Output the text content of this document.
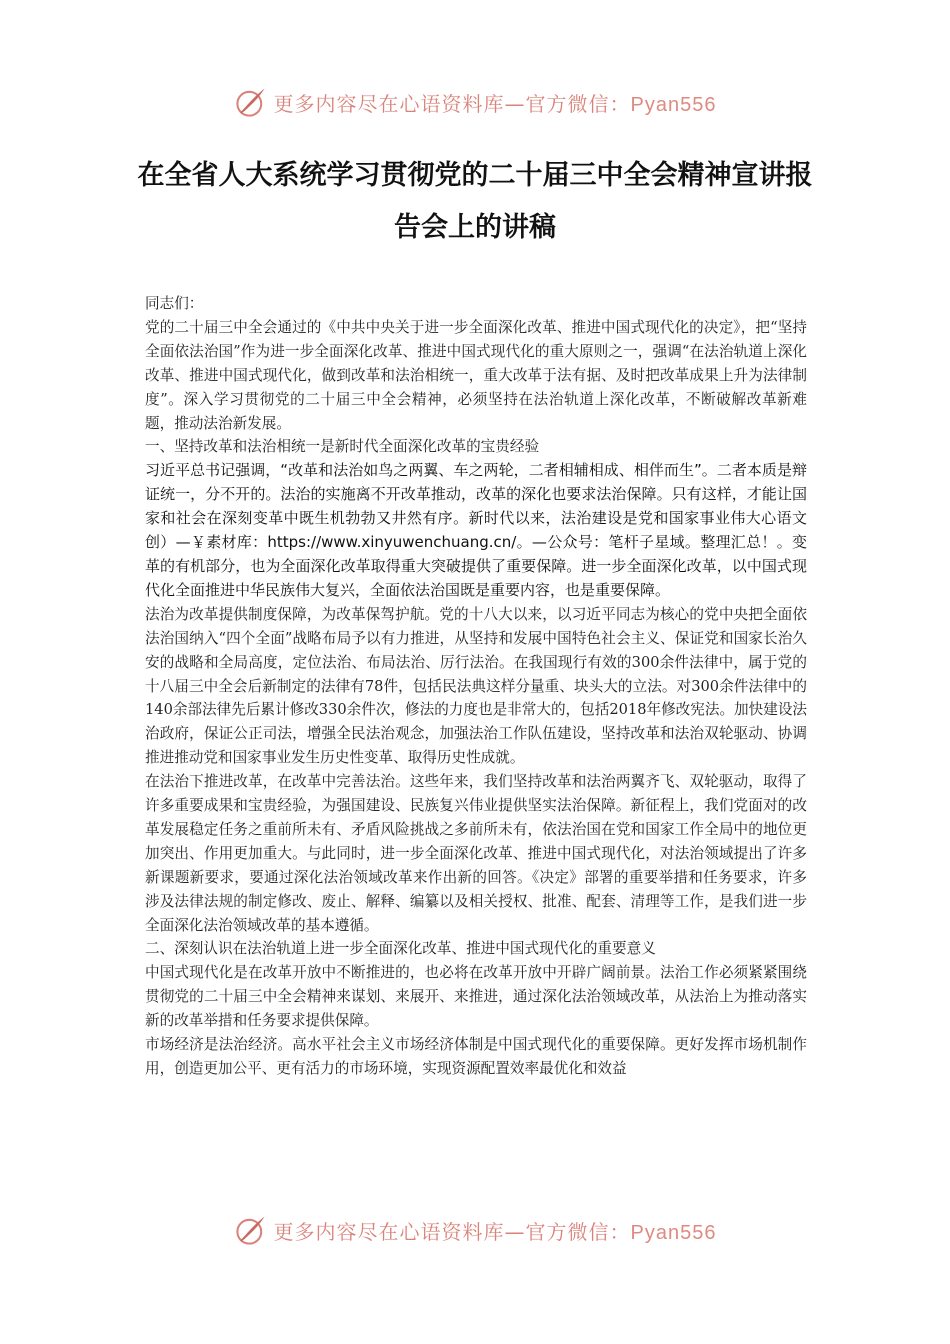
更多内容尽在心语资料库—官方微信：Pyan556
在全省人大系统学习贯彻党的二十届三中全会精神宣讲报告会上的讲稿

同志们：

党的二十届三中全会通过的《中共中央关于进一步全面深化改革、推进中国式现代化的决定》，把“坚持全面依法治国”作为进一步全面深化改革、推进中国式现代化的重大原则之一，强调“在法治轨道上深化改革、推进中国式现代化，做到改革和法治相统一，重大改革于法有据、及时把改革成果上升为法律制度”。深入学习贯彻党的二十届三中全会精神，必须坚持在法治轨道上深化改革，不断破解改革新难题，推动法治新发展。

一、坚持改革和法治相统一是新时代全面深化改革的宝贵经验

习近平总书记强调，“改革和法治如鸟之两翼、车之两轮，二者相辅相成、相伴而生”。二者本质是辩证统一，分不开的。法治的实施离不开改革推动，改革的深化也要求法治保障。只有这样，才能让国家和社会在深刻变革中既生机勃勃又井然有序。新时代以来，法治建设是党和国家事业伟大心语文创）—￥素材库：https://www.xinyuwenchuang.cn/。—公众号：笔杆子星域。整理汇总！。变革的有机部分，也为全面深化改革取得重大突破提供了重要保障。进一步全面深化改革，以中国式现代化全面推进中华民族伟大复兴，全面依法治国既是重要内容，也是重要保障。

法治为改革提供制度保障，为改革保驾护航。党的十八大以来，以习近平同志为核心的党中央把全面依法治国纳入“四个全面”战略布局予以有力推进，从坚持和发展中国特色社会主义、保证党和国家长治久安的战略和全局高度，定位法治、布局法治、厉行法治。在我国现行有效的300余件法律中，属于党的十八届三中全会后新制定的法律有78件，包括民法典这样分量重、块头大的立法。对300余件法律中的140余部法律先后累计修改330余件次，修法的力度也是非常大的，包括2018年修改宪法。加快建设法治政府，保证公正司法，增强全民法治观念，加强法治工作队伍建设，坚持改革和法治双轮驱动、协调推进推动党和国家事业发生历史性变革、取得历史性成就。

在法治下推进改革，在改革中完善法治。这些年来，我们坚持改革和法治两翼齐飞、双轮驱动，取得了许多重要成果和宝贵经验，为强国建设、民族复兴伟业提供坚实法治保障。新征程上，我们党面对的改革发展稳定任务之重前所未有、矛盾风险挑战之多前所未有，依法治国在党和国家工作全局中的地位更加突出、作用更加重大。与此同时，进一步全面深化改革、推进中国式现代化，对法治领域提出了许多新课题新要求，要通过深化法治领域改革来作出新的回答。《决定》部署的重要举措和任务要求，许多涉及法律法规的制定修改、废止、解释、编纂以及相关授权、批准、配套、清理等工作，是我们进一步全面深化法治领域改革的基本遵循。

二、深刻认识在法治轨道上进一步全面深化改革、推进中国式现代化的重要意义

中国式现代化是在改革开放中不断推进的，也必将在改革开放中开辟广阔前景。法治工作必须紧紧围绕贯彻党的二十届三中全会精神来谋划、来展开、来推进，通过深化法治领域改革，从法治上为推动落实新的改革举措和任务要求提供保障。

市场经济是法治经济。高水平社会主义市场经济体制是中国式现代化的重要保障。更好发挥市场机制作用，创造更加公平、更有活力的市场环境，实现资源配置效率最优化和效益

更多内容尽在心语资料库—官方微信：Pyan556
